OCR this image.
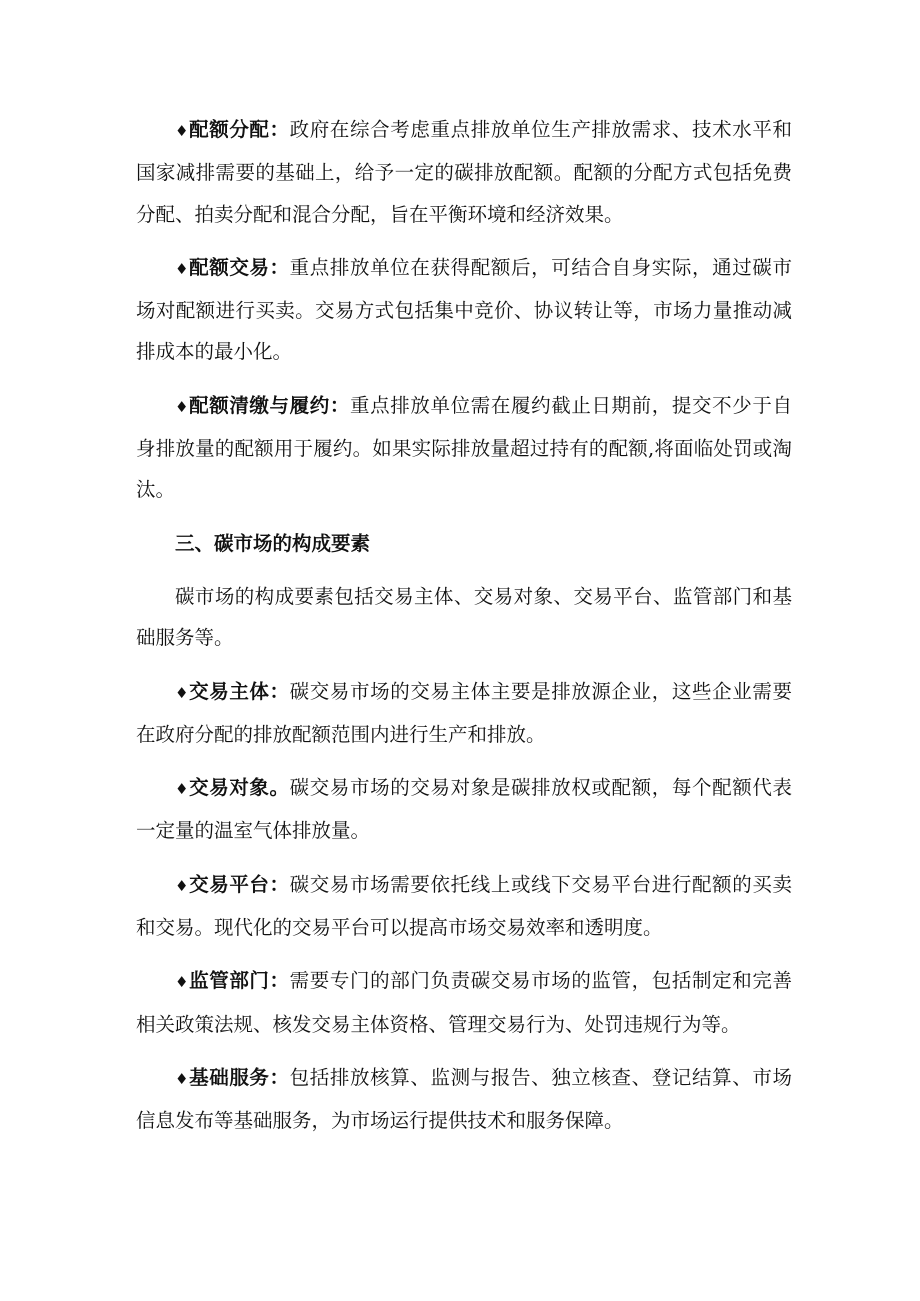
♦配额分配：政府在综合考虑重点排放单位生产排放需求、技术水平和国家减排需要的基础上，给予一定的碳排放配额。配额的分配方式包括免费分配、拍卖分配和混合分配，旨在平衡环境和经济效果。

♦配额交易：重点排放单位在获得配额后，可结合自身实际，通过碳市场对配额进行买卖。交易方式包括集中竞价、协议转让等，市场力量推动减排成本的最小化。

♦配额清缴与履约：重点排放单位需在履约截止日期前，提交不少于自身排放量的配额用于履约。如果实际排放量超过持有的配额,将面临处罚或淘汰。

三、碳市场的构成要素

碳市场的构成要素包括交易主体、交易对象、交易平台、监管部门和基础服务等。

♦交易主体：碳交易市场的交易主体主要是排放源企业，这些企业需要在政府分配的排放配额范围内进行生产和排放。

♦交易对象。碳交易市场的交易对象是碳排放权或配额，每个配额代表一定量的温室气体排放量。

♦交易平台：碳交易市场需要依托线上或线下交易平台进行配额的买卖和交易。现代化的交易平台可以提高市场交易效率和透明度。

♦监管部门：需要专门的部门负责碳交易市场的监管，包括制定和完善相关政策法规、核发交易主体资格、管理交易行为、处罚违规行为等。

♦基础服务：包括排放核算、监测与报告、独立核查、登记结算、市场信息发布等基础服务，为市场运行提供技术和服务保障。
